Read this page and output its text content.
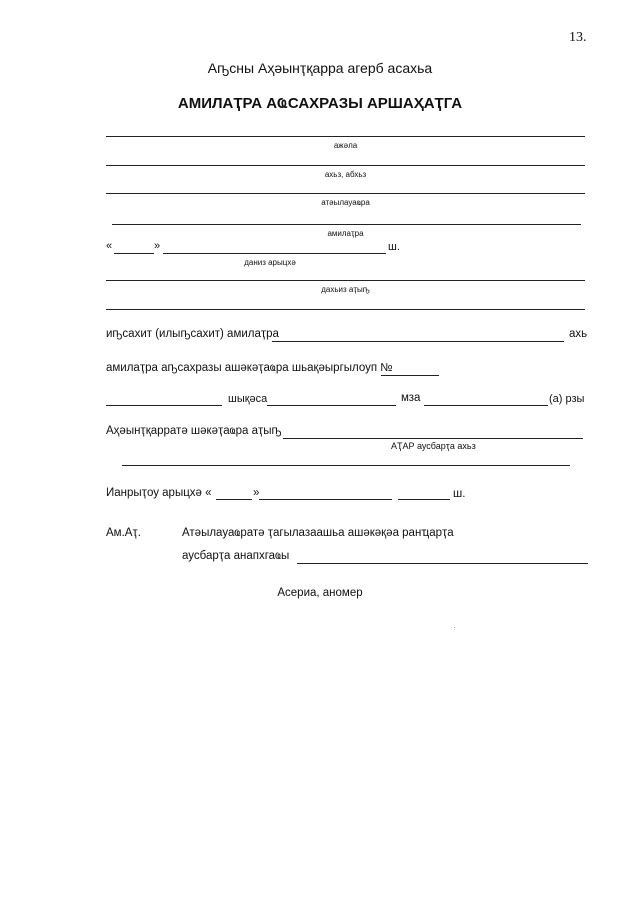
13.
Аҧсны Аҳәынҭқарра агерб асахьа
АМИЛАҬРА АҨСАХРАЗЫ АРШАҲАҬГА
ажәла
ахьз, абхьз
атәылауаҩра
амилаҭра
«	»	ш.
даниз арыцхә
дахьиз аҭыҧ
иҧсахит (илыҧсахит) амилаҭра	ахь
амилаҭра аҧсахразы ашәкәҭаҩра шьақәыргылоуп №
шықәса	мза	(а) рзы
Аҳәынҭқарратә шәкәҭаҩра аҭыҧ
АҬАР аусбарҭа ахьз
Ианрыҭоу арыцхә «	»	ш.
Ам.Аҭ.	Атәылауаҩратә ҭагылазаашьа ашәкәқәа ранҵарҭа
аусбарҭа анапхгаҩы
Асериа, аномер
